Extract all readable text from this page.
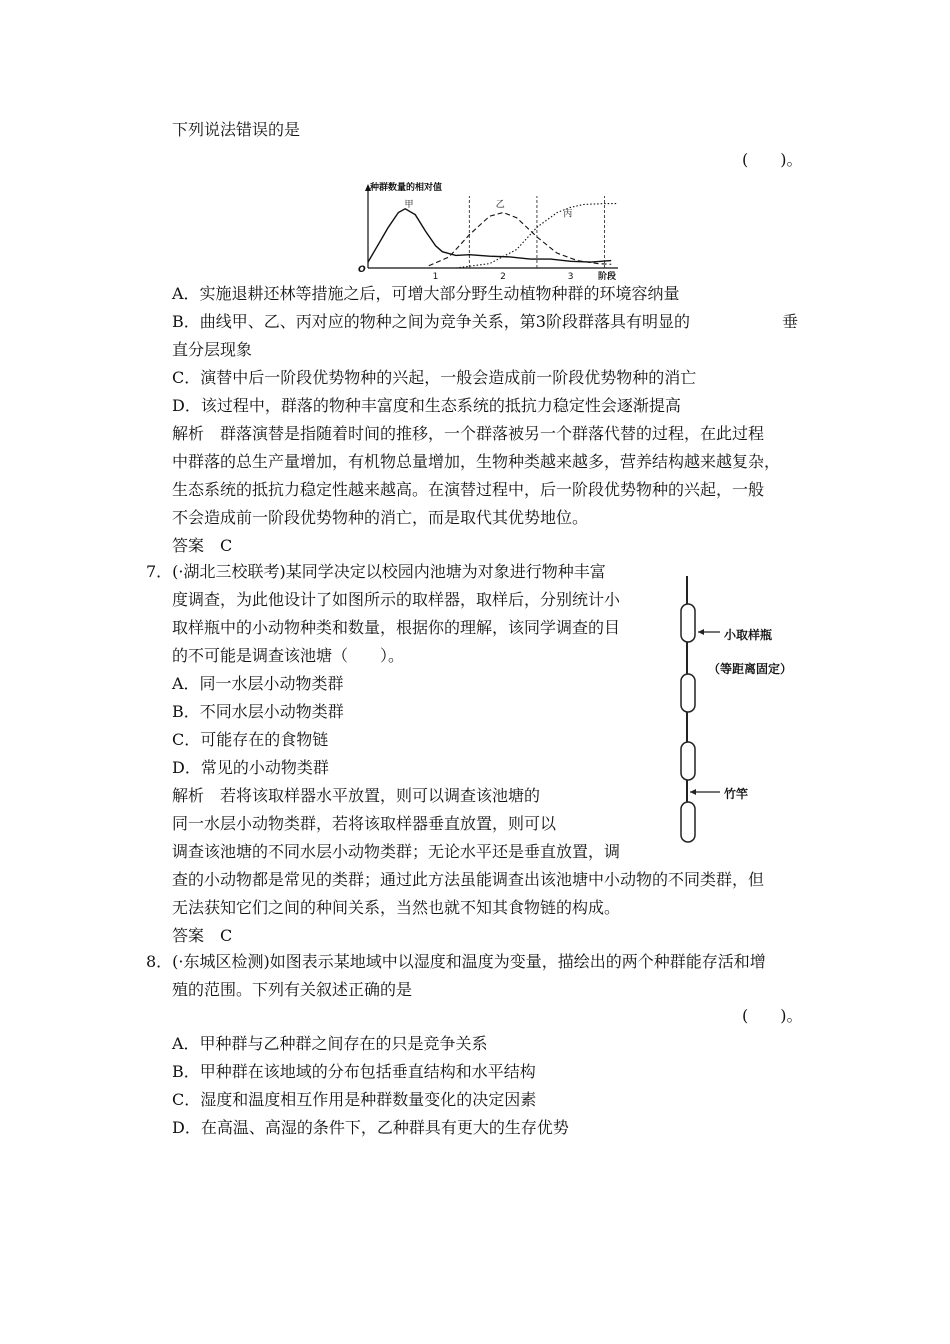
下列说法错误的是
(　　)。
种群数量的相对值
O
阶段
1	2	3
甲	乙
丙
A．实施退耕还林等措施之后，可增大部分野生动植物种群的环境容纳量
B．曲线甲、乙、丙对应的物种之间为竞争关系，第3阶段群落具有明显的	垂
直分层现象
C．演替中后一阶段优势物种的兴起，一般会造成前一阶段优势物种的消亡
D．该过程中，群落的物种丰富度和生态系统的抵抗力稳定性会逐渐提高
解析　群落演替是指随着时间的推移，一个群落被另一个群落代替的过程，在此过程
中群落的总生产量增加，有机物总量增加，生物种类越来越多，营养结构越来越复杂，
生态系统的抵抗力稳定性越来越高。在演替过程中，后一阶段优势物种的兴起，一般
不会造成前一阶段优势物种的消亡，而是取代其优势地位。
答案　C
7．(·湖北三校联考)某同学决定以校园内池塘为对象进行物种丰富
度调查，为此他设计了如图所示的取样器，取样后，分别统计小
取样瓶中的小动物种类和数量，根据你的理解，该同学调查的目
的不可能是调查该池塘（　　）。
A．同一水层小动物类群
B．不同水层小动物类群
C．可能存在的食物链
D．常见的小动物类群
解析　若将该取样器水平放置，则可以调查该池塘的
同一水层小动物类群，若将该取样器垂直放置，则可以
调查该池塘的不同水层小动物类群；无论水平还是垂直放置，调
查的小动物都是常见的类群；通过此方法虽能调查出该池塘中小动物的不同类群，但
无法获知它们之间的种间关系，当然也就不知其食物链的构成。
答案　C
小取样瓶
（等距离固定）
竹竿
8．(·东城区检测)如图表示某地域中以湿度和温度为变量，描绘出的两个种群能存活和增
殖的范围。下列有关叙述正确的是
(　　)。
A．甲种群与乙种群之间存在的只是竞争关系
B．甲种群在该地域的分布包括垂直结构和水平结构
C．湿度和温度相互作用是种群数量变化的决定因素
D．在高温、高湿的条件下，乙种群具有更大的生存优势
